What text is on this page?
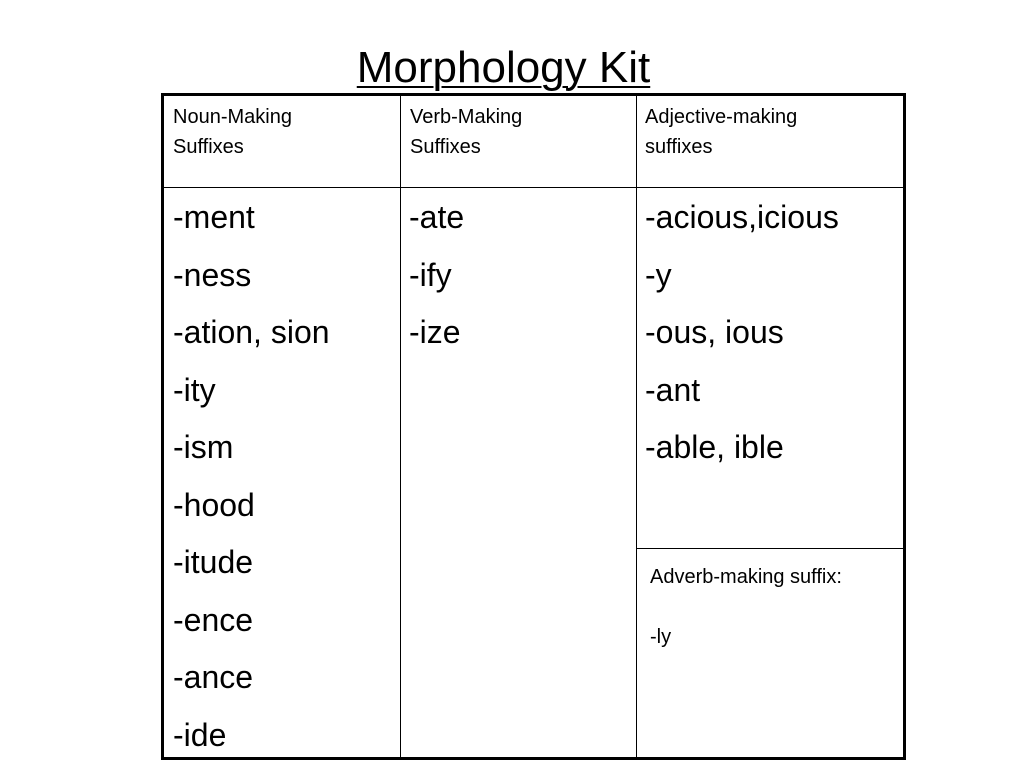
Morphology Kit
Noun-Making
Suffixes
Verb-Making
Suffixes
Adjective-making
suffixes
-ment
-ness
-ation, sion
-ity
-ism
-hood
-itude
-ence
-ance
-ide
-ate
-ify
-ize
-acious,icious
-y
-ous, ious
-ant
-able, ible
Adverb-making suffix:
-ly
